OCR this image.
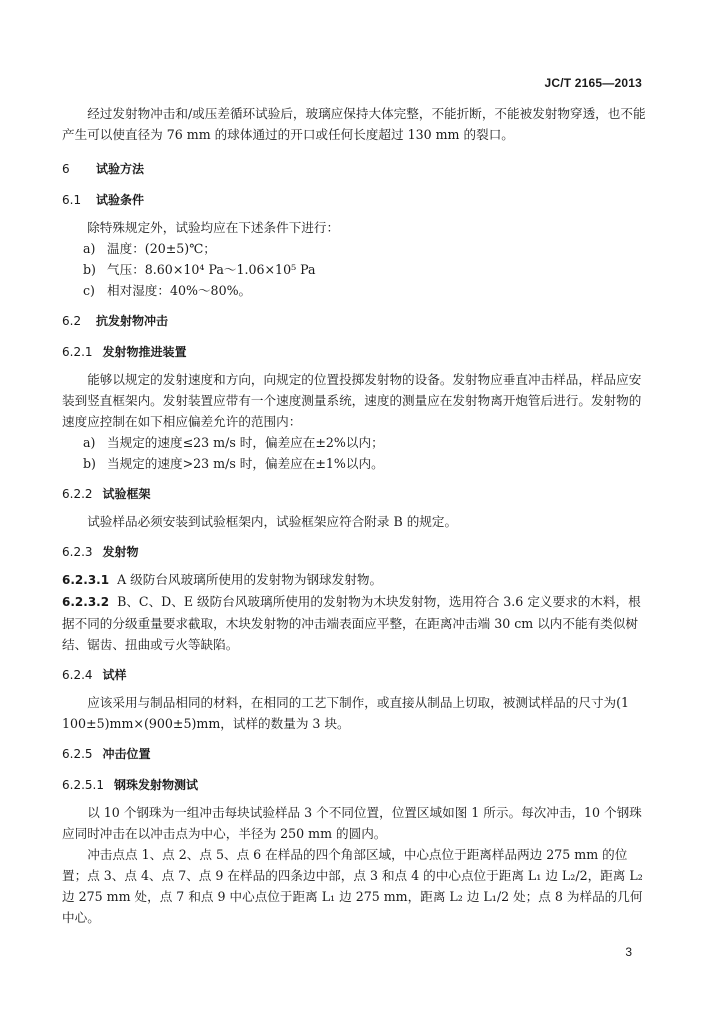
JC/T 2165—2013

经过发射物冲击和/或压差循环试验后，玻璃应保持大体完整，不能折断，不能被发射物穿透，也不能产生可以使直径为 76 mm 的球体通过的开口或任何长度超过 130 mm 的裂口。

6 试验方法

6.1 试验条件

除特殊规定外，试验均应在下述条件下进行：

a) 温度：(20±5)℃；

b) 气压：8.60×10⁴ Pa～1.06×10⁵ Pa

c) 相对湿度：40%～80%。

6.2 抗发射物冲击

6.2.1 发射物推进装置

能够以规定的发射速度和方向，向规定的位置投掷发射物的设备。发射物应垂直冲击样品，样品应安装到竖直框架内。发射装置应带有一个速度测量系统，速度的测量应在发射物离开炮管后进行。发射物的速度应控制在如下相应偏差允许的范围内：

a) 当规定的速度≤23 m/s 时，偏差应在±2%以内；

b) 当规定的速度>23 m/s 时，偏差应在±1%以内。

6.2.2 试验框架

试验样品必须安装到试验框架内，试验框架应符合附录 B 的规定。

6.2.3 发射物

6.2.3.1 A 级防台风玻璃所使用的发射物为钢球发射物。

6.2.3.2 B、C、D、E 级防台风玻璃所使用的发射物为木块发射物，选用符合 3.6 定义要求的木料，根据不同的分级重量要求截取，木块发射物的冲击端表面应平整，在距离冲击端 30 cm 以内不能有类似树结、锯齿、扭曲或亏火等缺陷。

6.2.4 试样

应该采用与制品相同的材料，在相同的工艺下制作，或直接从制品上切取，被测试样品的尺寸为(1 100±5)mm×(900±5)mm，试样的数量为 3 块。

6.2.5 冲击位置

6.2.5.1 钢珠发射物测试

以 10 个钢珠为一组冲击每块试验样品 3 个不同位置，位置区域如图 1 所示。每次冲击，10 个钢珠应同时冲击在以冲击点为中心，半径为 250 mm 的圆内。

冲击点点 1、点 2、点 5、点 6 在样品的四个角部区域，中心点位于距离样品两边 275 mm 的位置；点 3、点 4、点 7、点 9 在样品的四条边中部，点 3 和点 4 的中心点位于距离 L₁ 边 L₂/2，距离 L₂ 边 275 mm 处，点 7 和点 9 中心点位于距离 L₁ 边 275 mm，距离 L₂ 边 L₁/2 处；点 8 为样品的几何中心。

3
